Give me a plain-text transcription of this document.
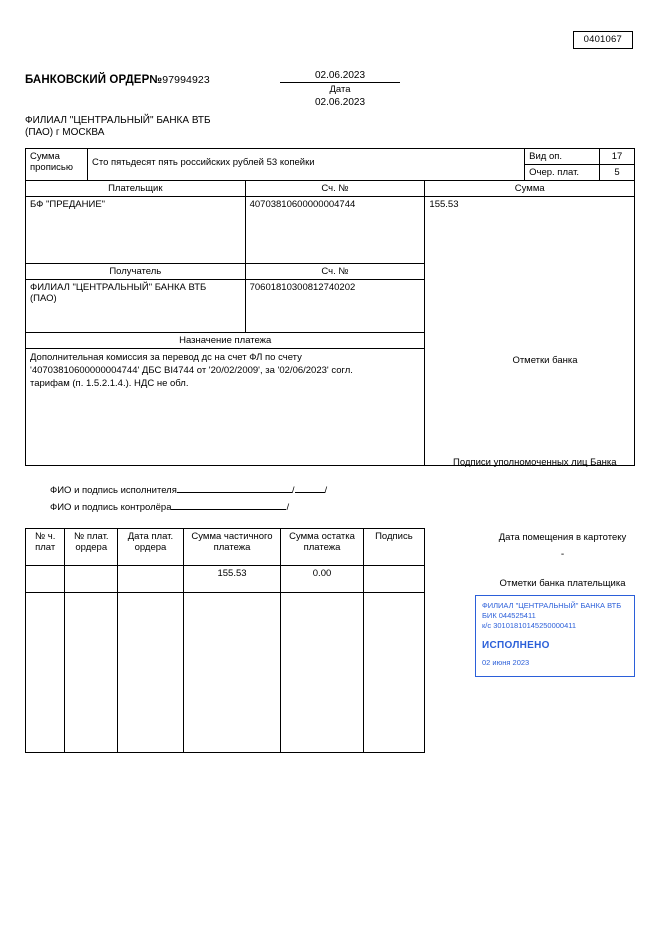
0401067
БАНКОВСКИЙ ОРДЕР№97994923	02.06.2023
Дата
02.06.2023
ФИЛИАЛ "ЦЕНТРАЛЬНЫЙ" БАНКА ВТБ
(ПАО) г МОСКВА
Сумма
прописью	Сто пятьдесят пять российских рублей 53 копейки			Вид оп.	17
				Очер. плат.	5
Плательщик		Сч. №	Сумма		
БФ "ПРЕДАНИЕ"		40703810600000004744	155.53		
Получатель		Сч. №			

ФИЛИАЛ "ЦЕНТРАЛЬНЫЙ" БАНКА ВТБ
(ПАО)		70601810300812740202			
Назначение платежа					

Дополнительная комиссия за перевод дс на счет ФЛ по счету
'40703810600000004744' ДБС BI4744 от '20/02/2009', за '02/06/2023' согл.
тарифам (п. 1.5.2.1.4.). НДС не обл.					
Отметки банка
Подписи уполномоченных лиц Банка
ФИО и подпись исполнителя	/	/
ФИО и подпись контролёра	/
№ ч. плат	№ плат. ордера	Дата плат. ордера	Сумма частичного платежа	Сумма остатка платежа	Подпись
			155.53	0.00	

Дата помещения в картотеку
-
Отметки банка плательщика
ФИЛИАЛ "ЦЕНТРАЛЬНЫЙ" БАНКА ВТБ
БИК 044525411
к/с 30101810145250000411
ИСПОЛНЕНО
02 июня 2023
